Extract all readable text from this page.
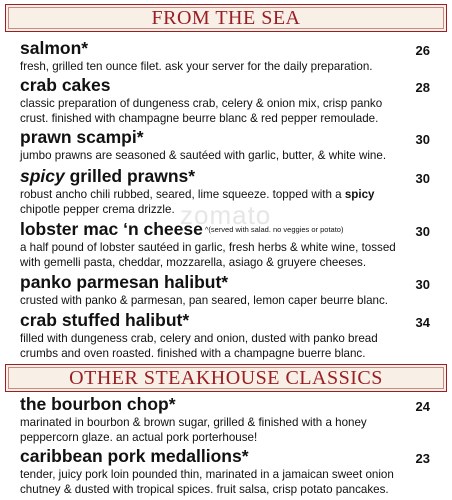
FROM THE SEA
salmon*	26
fresh, grilled ten ounce filet. ask your server for the daily preparation.
crab cakes	28
classic preparation of dungeness crab, celery & onion mix, crisp panko
crust. finished with champagne beurre blanc & red pepper remoulade.
prawn scampi*	30
jumbo prawns are seasoned & sautéed with garlic, butter, & white wine.
spicy grilled prawns*	30
robust ancho chili rubbed, seared, lime squeeze. topped with a spicy
chipotle pepper crema drizzle.
lobster mac ‘n cheese ^(served with salad. no veggies or potato)	30
a half pound of lobster sautéed in garlic, fresh herbs & white wine, tossed
with gemelli pasta, cheddar, mozzarella, asiago & gruyere cheeses.
panko parmesan halibut*	30
crusted with panko & parmesan, pan seared, lemon caper beurre blanc.
crab stuffed halibut*	34
filled with dungeness crab, celery and onion, dusted with panko bread
crumbs and oven roasted. finished with a champagne buerre blanc.
OTHER STEAKHOUSE CLASSICS
the bourbon chop*	24
marinated in bourbon & brown sugar, grilled & finished with a honey
peppercorn glaze. an actual pork porterhouse!
caribbean pork medallions*	23
tender, juicy pork loin pounded thin, marinated in a jamaican sweet onion
chutney & dusted with tropical spices. fruit salsa, crisp potato pancakes.
zomato
